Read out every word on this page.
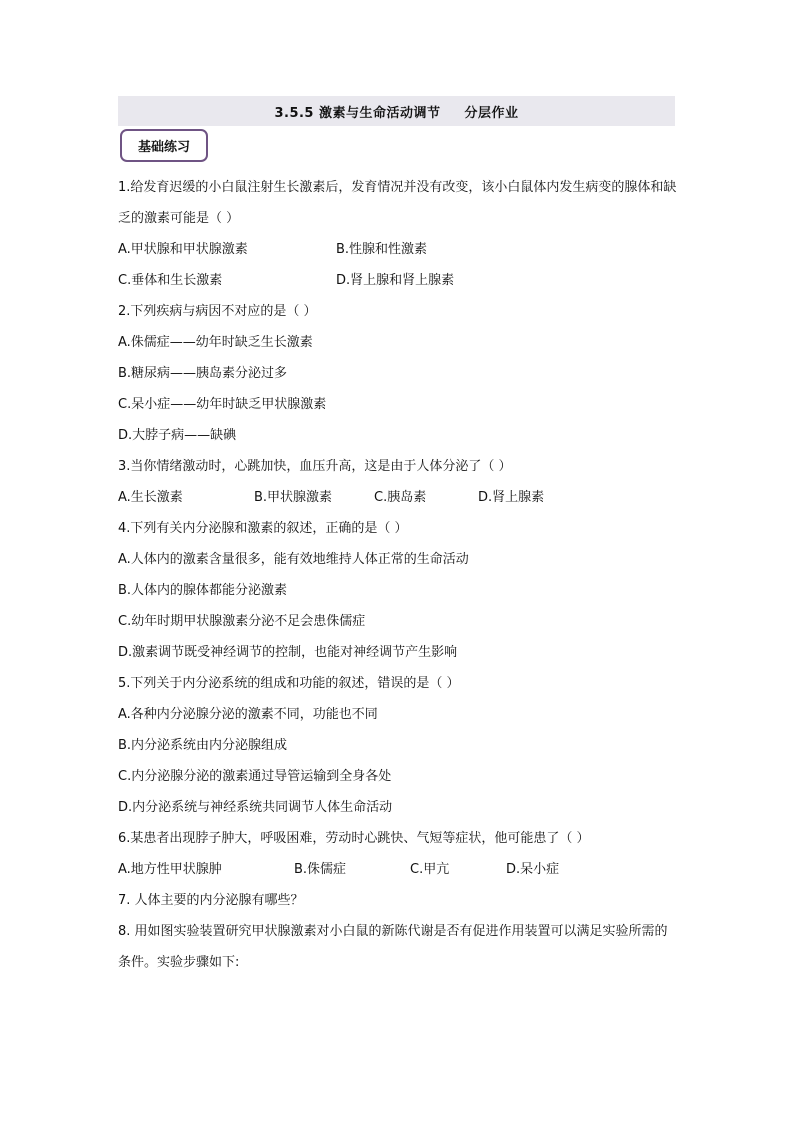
3.5.5 激素与生命活动调节 分层作业
基础练习
1.给发育迟缓的小白鼠注射生长激素后，发育情况并没有改变，该小白鼠体内发生病变的腺体和缺乏的激素可能是（ ）
A.甲状腺和甲状腺激素	B.性腺和性激素
C.垂体和生长激素	D.肾上腺和肾上腺素
2.下列疾病与病因不对应的是（ ）
A.侏儒症——幼年时缺乏生长激素
B.糖尿病——胰岛素分泌过多
C.呆小症——幼年时缺乏甲状腺激素
D.大脖子病——缺碘
3.当你情绪激动时，心跳加快，血压升高，这是由于人体分泌了（ ）
A.生长激素	B.甲状腺激素	C.胰岛素	D.肾上腺素
4.下列有关内分泌腺和激素的叙述，正确的是（ ）
A.人体内的激素含量很多，能有效地维持人体正常的生命活动
B.人体内的腺体都能分泌激素
C.幼年时期甲状腺激素分泌不足会患侏儒症
D.激素调节既受神经调节的控制，也能对神经调节产生影响
5.下列关于内分泌系统的组成和功能的叙述，错误的是（ ）
A.各种内分泌腺分泌的激素不同，功能也不同
B.内分泌系统由内分泌腺组成
C.内分泌腺分泌的激素通过导管运输到全身各处
D.内分泌系统与神经系统共同调节人体生命活动
6.某患者出现脖子肿大，呼吸困难，劳动时心跳快、气短等症状，他可能患了（ ）
A.地方性甲状腺肿	B.侏儒症	C.甲亢	D.呆小症
7. 人体主要的内分泌腺有哪些？
8. 用如图实验装置研究甲状腺激素对小白鼠的新陈代谢是否有促进作用装置可以满足实验所需的条件。实验步骤如下:
